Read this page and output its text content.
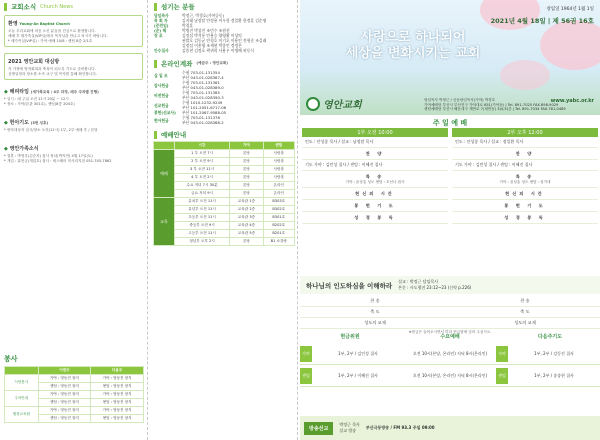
교회소식 Church News
환영 Young-An Baptist Church
오늘 우리교회에 처음 오신 분들을 진심으로 환영합니다.
예배 후 새가족실(VIP실)에서 목자님을 만나고 차시기 바랍니다.
* 새가족실(VIP실) : 가야 예배 10/8 : 센텀 8층 2/1호
2021 영안교회 대심방
각 가정에 영적회복과 축복이 되도록 기도로 준비합니다.
심방일정과 장소를 소속 교구 및 목자를 통해 확인합니다.
◆ 해피타임 (새가족교육 / 4주 과정, 매주 주차별 진행)
* 일시 : 매 주일 오전 11시 20분 ~ 12시
* 장소 : 가야(본관 301호), 센텀(8층 204호)
◆ 헌아기도 (3번 성호)
* 헌아대상자 일시/장소 오전(11시) 1부, 2부 예배 후 / 본당
◆ 영안가족소식
* 결혼 : 박영우(김순자) 집사 장녀(박지연) 4월 17일(토)
* 개업 : 휴먼금(개업호) 집사 : 세스헤어 미사리지점 051-745-7862
봉사
	이번주	다음주
식당봉사	가야 : 영동진 장지	가야 : 영동진 장지
	센텀 : 영동진 장지	센텀 : 영동진 장지
주차안내	가야 : 영동진 장지	가야 : 영동진 장지
	센텀 : 영동진 장지	센텀 : 영동진 장지
행정교육원	가야 : 영동진 장지	가야 : 영동진 장지
	센텀 : 영동진 장지	센텀 : 영동진 장지
섬기는 분들
담임목사	박정근, 박경호(가야공동)
목 회 자	김지태 남장말 안정용 이우림 정일환 한정훈 김순명
(준전임)	박경훈
(순) 헤	박병진 박상진 조민수 조원선
장 로	김정섭 박석룡 안용승 양영황 이성익
	권발호 김동균 안경호 이기호 이용인 전형준 조길래
	김정섭 이홍영 조세현 박종인 정정은
안수집사	김종현 김정호 곽귀희 사용우 이병례 허동식
온라인계좌 (예금주 : 영안교회)
십 일 조	수협 703-01-131354
부산 043-01-028387-4

감사헌금	수협 703-01-131361
부산 043-01-028389-0

비전헌금	수협 703-01-131385
부산 043-01-028390-3

선교헌금	수협 1010-1232-9249
부산 101-2051-6717-06

봉헌(선교사)	부산 101-2067-9588-05

헌아헌금	수협 703-01-131378
부산 043-01-028388-2
예배안내
	시간	가야	센텀
예배	1 부 오전 7시	본당	사랑홀
	2 부 오전 9시	본당	사랑홀
	3 부 오전 11시	본당	사랑홀
	4 부 오전 2시	본당	사랑홀
	수요 저녁 7시 30분	본당	온라인
	금요 저녁 9시	본당	온라인
교육	유치부 오전 11시	교육관 1층	B303호
	유년부 오전 11시	교육관 2층	B302호
	초등부 오전 11시	교육관 3층	B301호
	중등부 오전 9시	교육관 4층	B202호
	고등부 오전 11시	교육관 5층	B201호
	청년부 오후 2시	본당	B1 소강당
창립일 1964년 1월 1일
2021년 4월 18일 | 제 56권 16호
사랑으로 하나되어
세상을 변화시키는 교회
영안교회	담임목사 박정근 / 공동담임목사(가야) 박경호
가야예배당 부산시 부산진구 가야대로 651(가야동) | Tel. 891-7025 FAX.898-9029
센텀예배당 부산시 해운대구 재반로 7(재반동) 3(4,5)층 | Tel. 891-7034 FAX.781-0489
www.yabc.or.kr
주 일 예 배
1부 오전 10:00
인도 : 안성종 목사 / 설교 : 남정말 목사
찬 양
기도 가야 : 김인성 집사 / 센텀 : 이혜진 집사
특 송
가야 : 윤상흥 성도 센텀 : 조선나 집사
헌신의 시간
봉 헌 기 도
성 경 봉 독
2부 오후 12:00
인도 : 안성종 목사 / 설교 : 정일환 목사
찬 양
기도 가야 : 김민성 집사 / 센텀 : 이혜진 집사
특 송
가야 : 윤상흥 성도 센텀 : 성가대
헌신의 시간
봉 헌 기 도
성 경 봉 독
하나님의 인도하심을 이해하라 설교 : 박정근 담임목사
본문 : 사도행전 23:12~23 (신약 p.226)
찬 송	찬 송
축 도	축 도
성도의 교제	성도의 교제
※헌금은 들어오시면서 미리 헌금함에 넣어 주십시오.
현금위원	수요예배	다음주기도
가야	1부, 2부 / 김인성 집사	오전 10시(본당, 온라인) 저녁 8시(온라인)	가야	1부, 2부 / 강동진 집사
센텀	1부, 2부 / 이혜진 집사	오전 10시(본당, 온라인) 저녁 8시(온라인)	센텀	1부, 2부 / 송종현 집사
방송선교
박정근 목사
설교 방송
부산극동방송 / FM 93.3 주일 09:00
